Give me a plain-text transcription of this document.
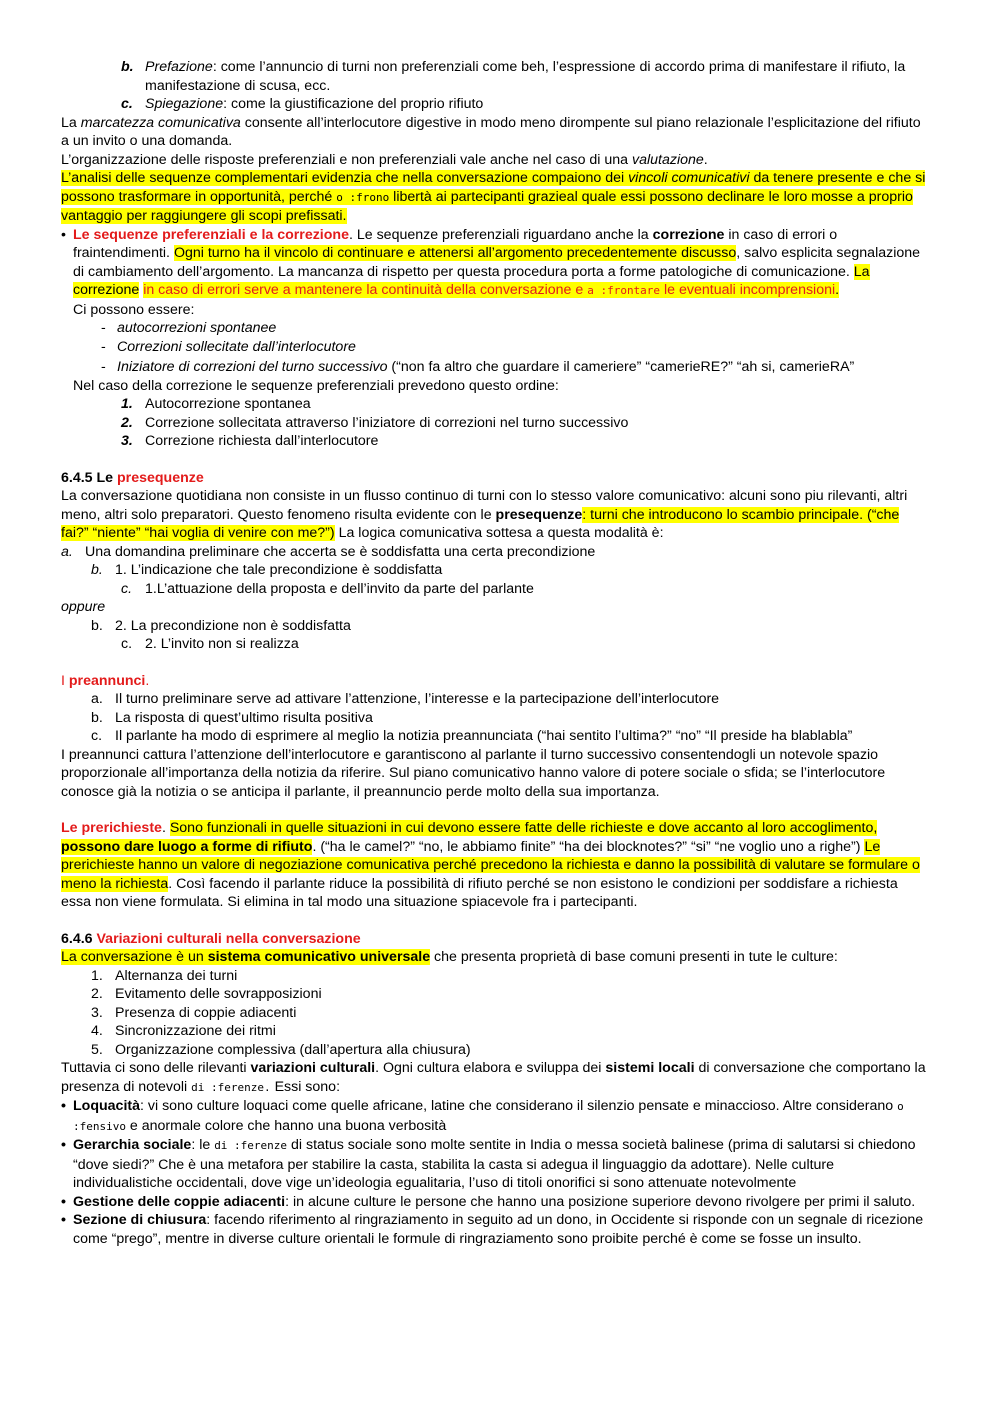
b. Prefazione: come l’annuncio di turni non preferenziali come beh, l’espressione di accordo prima di manifestare il rifiuto, la manifestazione di scusa, ecc.

c. Spiegazione: come la giustificazione del proprio rifiuto

La marcatezza comunicativa consente all’interlocutore digestive in modo meno dirompente sul piano relazionale l’esplicitazione del rifiuto a un invito o una domanda.

L’organizzazione delle risposte preferenziali e non preferenziali vale anche nel caso di una valutazione.

L’analisi delle sequenze complementari evidenzia che nella conversazione compaiono dei vincoli comunicativi da tenere presente e che si possono trasformare in opportunità, perché o ꞉frono libertà ai partecipanti grazieal quale essi possono declinare le loro mosse a proprio vantaggio per raggiungere gli scopi prefissati.

• Le sequenze preferenziali e la correzione. Le sequenze preferenziali riguardano anche la correzione in caso di errori o fraintendimenti. Ogni turno ha il vincolo di continuare e attenersi all’argomento precedentemente discusso, salvo esplicita segnalazione di cambiamento dell’argomento. La mancanza di rispetto per questa procedura porta a forme patologiche di comunicazione. La correzione in caso di errori serve a mantenere la continuità della conversazione e a ꞉frontare le eventuali incomprensioni.

Ci possono essere:

- autocorrezioni spontanee

- Correzioni sollecitate dall’interlocutore

- Iniziatore di correzioni del turno successivo (“non fa altro che guardare il cameriere” “camerieRE?” “ah si, camerieRA”

Nel caso della correzione le sequenze preferenziali prevedono questo ordine:

1. Autocorrezione spontanea

2. Correzione sollecitata attraverso l’iniziatore di correzioni nel turno successivo

3. Correzione richiesta dall’interlocutore

6.4.5 Le presequenze

La conversazione quotidiana non consiste in un flusso continuo di turni con lo stesso valore comunicativo: alcuni sono piu rilevanti, altri meno, altri solo preparatori. Questo fenomeno risulta evidente con le presequenze: turni che introducono lo scambio principale. (“che fai?” “niente” “hai voglia di venire con me?”) La logica comunicativa sottesa a questa modalità è:

a. Una domandina preliminare che accerta se è soddisfatta una certa precondizione

b. 1. L’indicazione che tale precondizione è soddisfatta

c. 1.L’attuazione della proposta e dell’invito da parte del parlante

oppure

b. 2. La precondizione non è soddisfatta

c. 2. L’invito non si realizza

I preannunci.

a. Il turno preliminare serve ad attivare l’attenzione, l’interesse e la partecipazione dell’interlocutore

b. La risposta di quest’ultimo risulta positiva

c. Il parlante ha modo di esprimere al meglio la notizia preannunciata (“hai sentito l’ultima?” “no” “Il preside ha blablabla”

I preannunci cattura l’attenzione dell’interlocutore e garantiscono al parlante il turno successivo consentendogli un notevole spazio proporzionale all’importanza della notizia da riferire. Sul piano comunicativo hanno valore di potere sociale o sfida; se l’interlocutore conosce già la notizia o se anticipa il parlante, il preannuncio perde molto della sua importanza.

Le prerichieste. Sono funzionali in quelle situazioni in cui devono essere fatte delle richieste e dove accanto al loro accoglimento, possono dare luogo a forme di rifiuto. (“ha le camel?” “no, le abbiamo finite” “ha dei blocknotes?” “si” “ne voglio uno a righe”) Le prerichieste hanno un valore di negoziazione comunicativa perché precedono la richiesta e danno la possibilità di valutare se formulare o meno la richiesta. Così facendo il parlante riduce la possibilità di rifiuto perché se non esistono le condizioni per soddisfare a richiesta essa non viene formulata. Si elimina in tal modo una situazione spiacevole fra i partecipanti.

6.4.6 Variazioni culturali nella conversazione

La conversazione è un sistema comunicativo universale che presenta proprietà di base comuni presenti in tute le culture:

1. Alternanza dei turni

2. Evitamento delle sovrapposizioni

3. Presenza di coppie adiacenti

4. Sincronizzazione dei ritmi

5. Organizzazione complessiva (dall’apertura alla chiusura)

Tuttavia ci sono delle rilevanti variazioni culturali. Ogni cultura elabora e sviluppa dei sistemi locali di conversazione che comportano la presenza di notevoli di ꞉ferenze. Essi sono:

• Loquacità: vi sono culture loquaci come quelle africane, latine che considerano il silenzio pensate e minaccioso. Altre considerano o ꞉fensivo e anormale colore che hanno una buona verbosità

• Gerarchia sociale: le di ꞉ferenze di status sociale sono molte sentite in India o messa società balinese (prima di salutarsi si chiedono “dove siedi?” Che è una metafora per stabilire la casta, stabilita la casta si adegua il linguaggio da adottare). Nelle culture individualistiche occidentali, dove vige un’ideologia egualitaria, l’uso di titoli onorifici si sono attenuate notevolmente

• Gestione delle coppie adiacenti: in alcune culture le persone che hanno una posizione superiore devono rivolgere per primi il saluto.

• Sezione di chiusura: facendo riferimento al ringraziamento in seguito ad un dono, in Occidente si risponde con un segnale di ricezione come “prego”, mentre in diverse culture orientali le formule di ringraziamento sono proibite perché è come se fosse un insulto.
